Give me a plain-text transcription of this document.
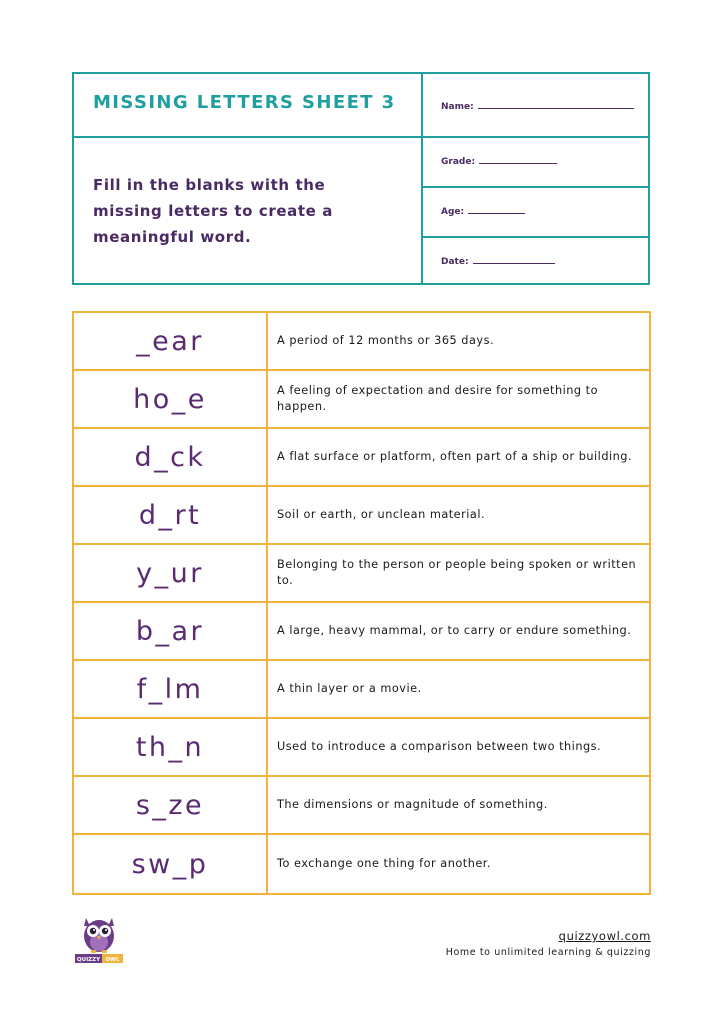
MISSING LETTERS SHEET 3
Fill in the blanks with the missing letters to create a meaningful word.
Name:
Grade:
Age:
Date:
_ear	A period of 12 months or 365 days.
ho_e	A feeling of expectation and desire for something to happen.
d_ck	A flat surface or platform, often part of a ship or building.
d_rt	Soil or earth, or unclean material.
y_ur	Belonging to the person or people being spoken or written to.
b_ar	A large, heavy mammal, or to carry or endure something.
f_lm	A thin layer or a movie.
th_n	Used to introduce a comparison between two things.
s_ze	The dimensions or magnitude of something.
sw_p	To exchange one thing for another.
QUIZZY OWL
quizzyowl.com
Home to unlimited learning & quizzing
